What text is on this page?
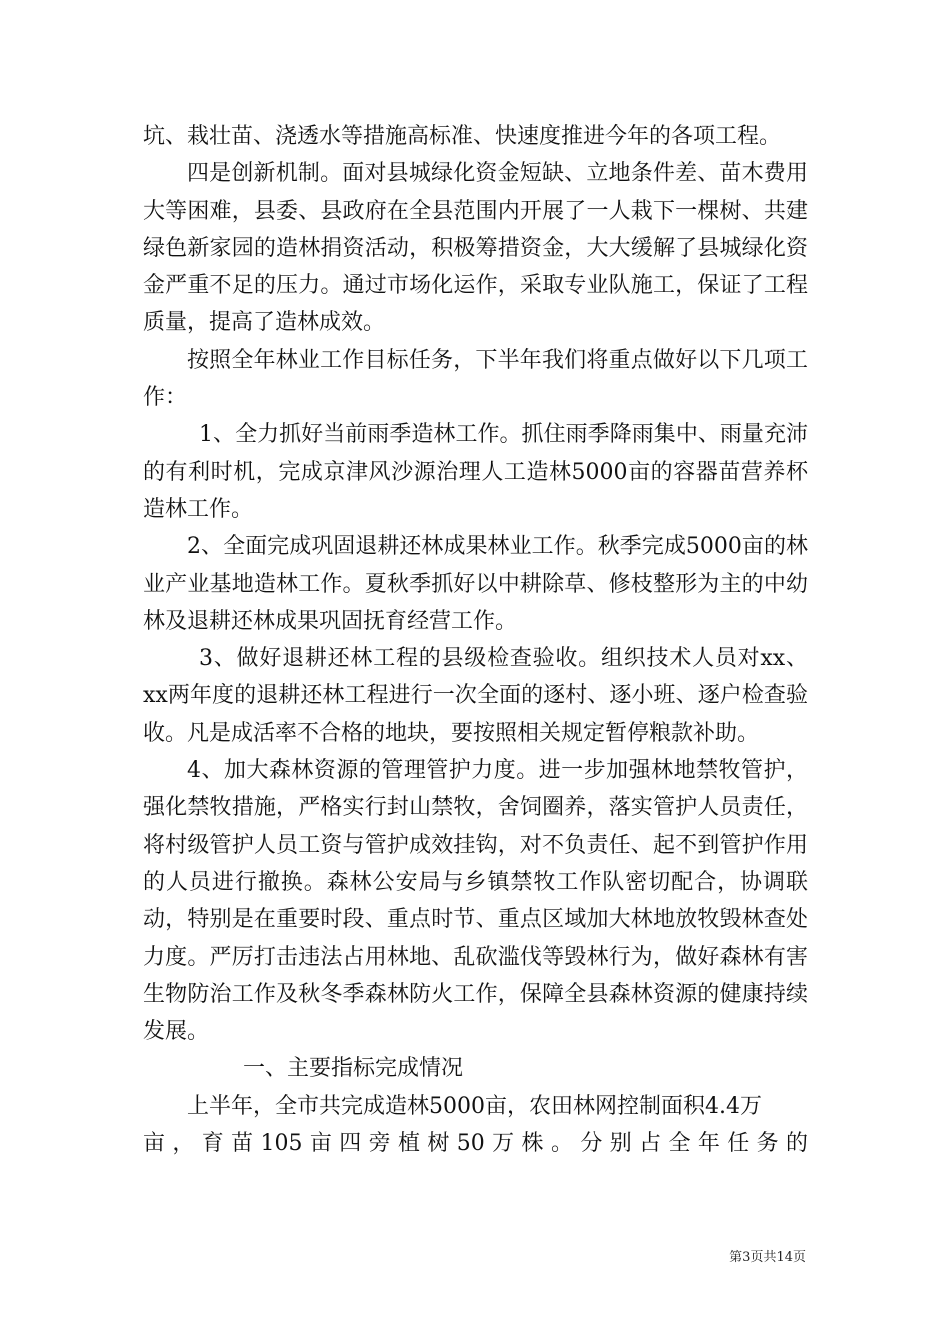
坑、栽壮苗、浇透水等措施高标准、快速度推进今年的各项工程。

四是创新机制。面对县城绿化资金短缺、立地条件差、苗木费用大等困难，县委、县政府在全县范围内开展了一人栽下一棵树、共建绿色新家园的造林捐资活动，积极筹措资金，大大缓解了县城绿化资金严重不足的压力。通过市场化运作，采取专业队施工，保证了工程质量，提高了造林成效。

按照全年林业工作目标任务，下半年我们将重点做好以下几项工作：

1、全力抓好当前雨季造林工作。抓住雨季降雨集中、雨量充沛的有利时机，完成京津风沙源治理人工造林5000亩的容器苗营养杯造林工作。

2、全面完成巩固退耕还林成果林业工作。秋季完成5000亩的林业产业基地造林工作。夏秋季抓好以中耕除草、修枝整形为主的中幼林及退耕还林成果巩固抚育经营工作。

3、做好退耕还林工程的县级检查验收。组织技术人员对xx、xx两年度的退耕还林工程进行一次全面的逐村、逐小班、逐户检查验收。凡是成活率不合格的地块，要按照相关规定暂停粮款补助。

4、加大森林资源的管理管护力度。进一步加强林地禁牧管护，强化禁牧措施，严格实行封山禁牧，舍饲圈养，落实管护人员责任，将村级管护人员工资与管护成效挂钩，对不负责任、起不到管护作用的人员进行撤换。森林公安局与乡镇禁牧工作队密切配合，协调联动，特别是在重要时段、重点时节、重点区域加大林地放牧毁林查处力度。严厉打击违法占用林地、乱砍滥伐等毁林行为，做好森林有害生物防治工作及秋冬季森林防火工作，保障全县森林资源的健康持续发展。

一、主要指标完成情况

上半年，全市共完成造林5000亩，农田林网控制面积4.4万

亩，育苗105亩四旁植树50万株。分别占全年任务的

第3页共14页
